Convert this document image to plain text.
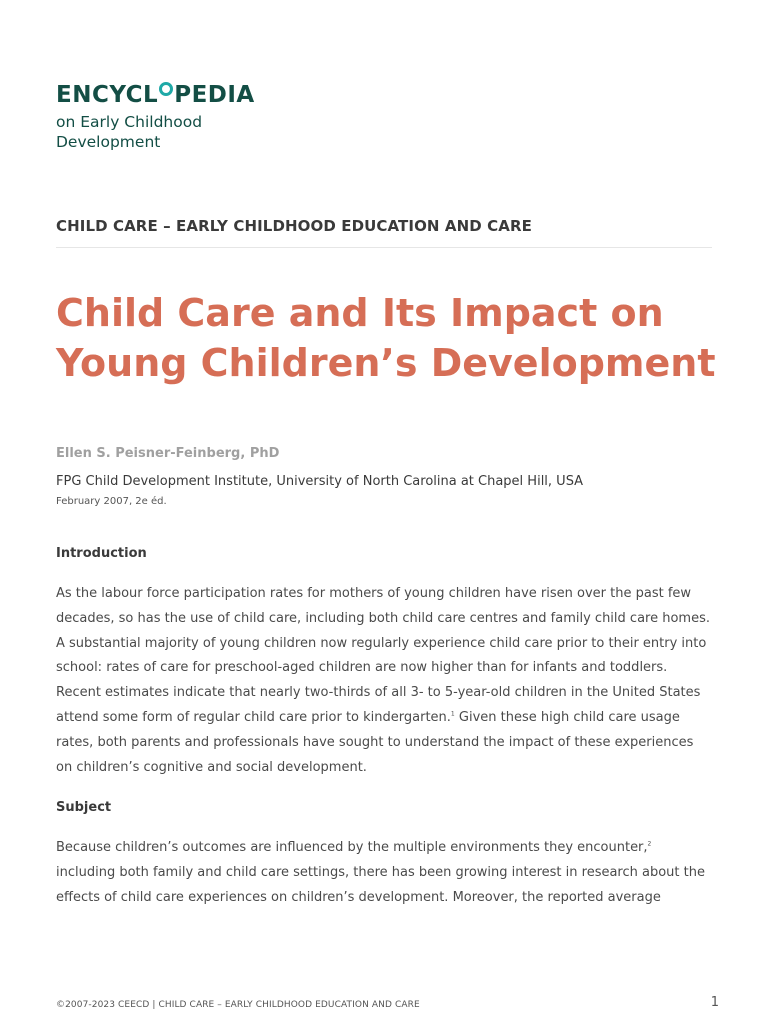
ENCYCL PEDIA
on Early Childhood
Development
CHILD CARE – EARLY CHILDHOOD EDUCATION AND CARE
Child Care and Its Impact on Young Children’s Development
Ellen S. Peisner-Feinberg, PhD
FPG Child Development Institute, University of North Carolina at Chapel Hill, USA
February 2007, 2e éd.
Introduction

As the labour force participation rates for mothers of young children have risen over the past few decades, so has the use of child care, including both child care centres and family child care homes. A substantial majority of young children now regularly experience child care prior to their entry into school: rates of care for preschool-aged children are now higher than for infants and toddlers. Recent estimates indicate that nearly two-thirds of all 3- to 5-year-old children in the United States attend some form of regular child care prior to kindergarten.$^1$ Given these high child care usage rates, both parents and professionals have sought to understand the impact of these experiences on children’s cognitive and social development.

Subject

Because children’s outcomes are influenced by the multiple environments they encounter,$^2$ including both family and child care settings, there has been growing interest in research about the effects of child care experiences on children’s development. Moreover, the reported average

©2007-2023 CEECD | CHILD CARE – EARLY CHILDHOOD EDUCATION AND CARE	1
